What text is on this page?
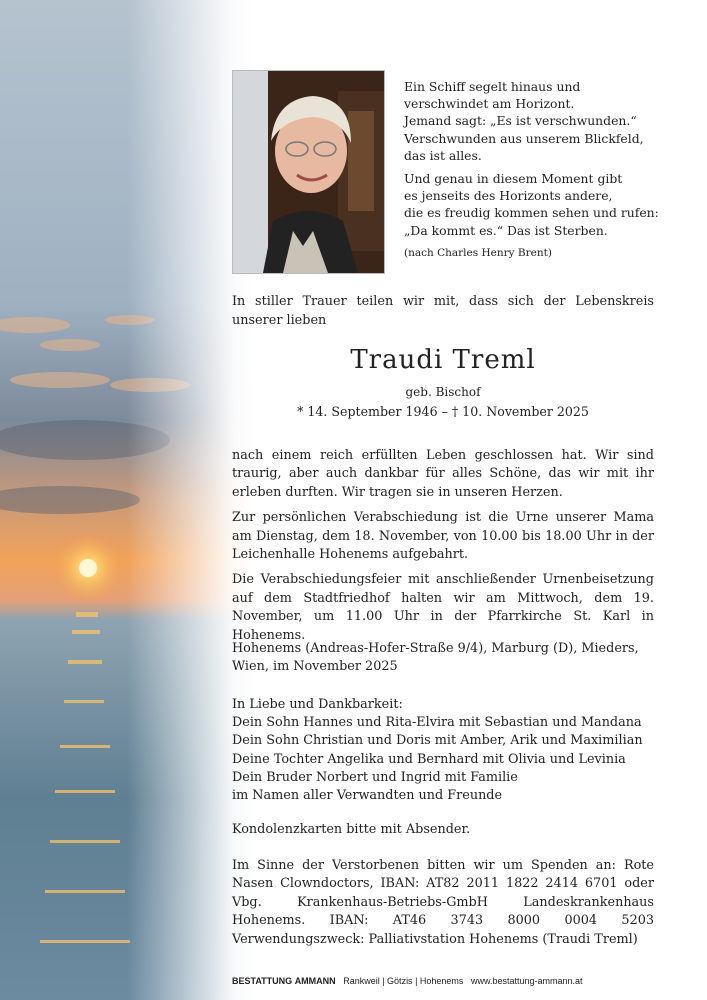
Ein Schiff segelt hinaus und
verschwindet am Horizont.
Jemand sagt: „Es ist verschwunden.“
Verschwunden aus unserem Blickfeld,
das ist alles.
Und genau in diesem Moment gibt
es jenseits des Horizonts andere,
die es freudig kommen sehen und rufen:
„Da kommt es.“ Das ist Sterben.
(nach Charles Henry Brent)
In stiller Trauer teilen wir mit, dass sich der Lebenskreis unserer lieben
Traudi Treml
geb. Bischof
* 14. September 1946 – † 10. November 2025

nach einem reich erfüllten Leben geschlossen hat. Wir sind traurig, aber auch dankbar für alles Schöne, das wir mit ihr erleben durften. Wir tragen sie in unseren Herzen.

Zur persönlichen Verabschiedung ist die Urne unserer Mama am Dienstag, dem 18. November, von 10.00 bis 18.00 Uhr in der Leichenhalle Hohenems aufgebahrt.

Die Verabschiedungsfeier mit anschließender Urnenbeisetzung auf dem Stadtfriedhof halten wir am Mittwoch, dem 19. November, um 11.00 Uhr in der Pfarrkirche St. Karl in Hohenems.

Hohenems (Andreas-Hofer-Straße 9/4), Marburg (D), Mieders, Wien, im November 2025
In Liebe und Dankbarkeit:
Dein Sohn Hannes und Rita-Elvira mit Sebastian und Mandana
Dein Sohn Christian und Doris mit Amber, Arik und Maximilian
Deine Tochter Angelika und Bernhard mit Olivia und Levinia
Dein Bruder Norbert und Ingrid mit Familie
im Namen aller Verwandten und Freunde
Kondolenzkarten bitte mit Absender.
Im Sinne der Verstorbenen bitten wir um Spenden an: Rote Nasen Clowndoctors, IBAN: AT82 2011 1822 2414 6701 oder Vbg. Krankenhaus-Betriebs-GmbH Landeskrankenhaus Hohenems. IBAN: AT46 3743 8000 0004 5203 Verwendungszweck: Palliativstation Hohenems (Traudi Treml)
BESTATTUNG AMMANN Rankweil | Götzis | Hohenems www.bestattung-ammann.at
